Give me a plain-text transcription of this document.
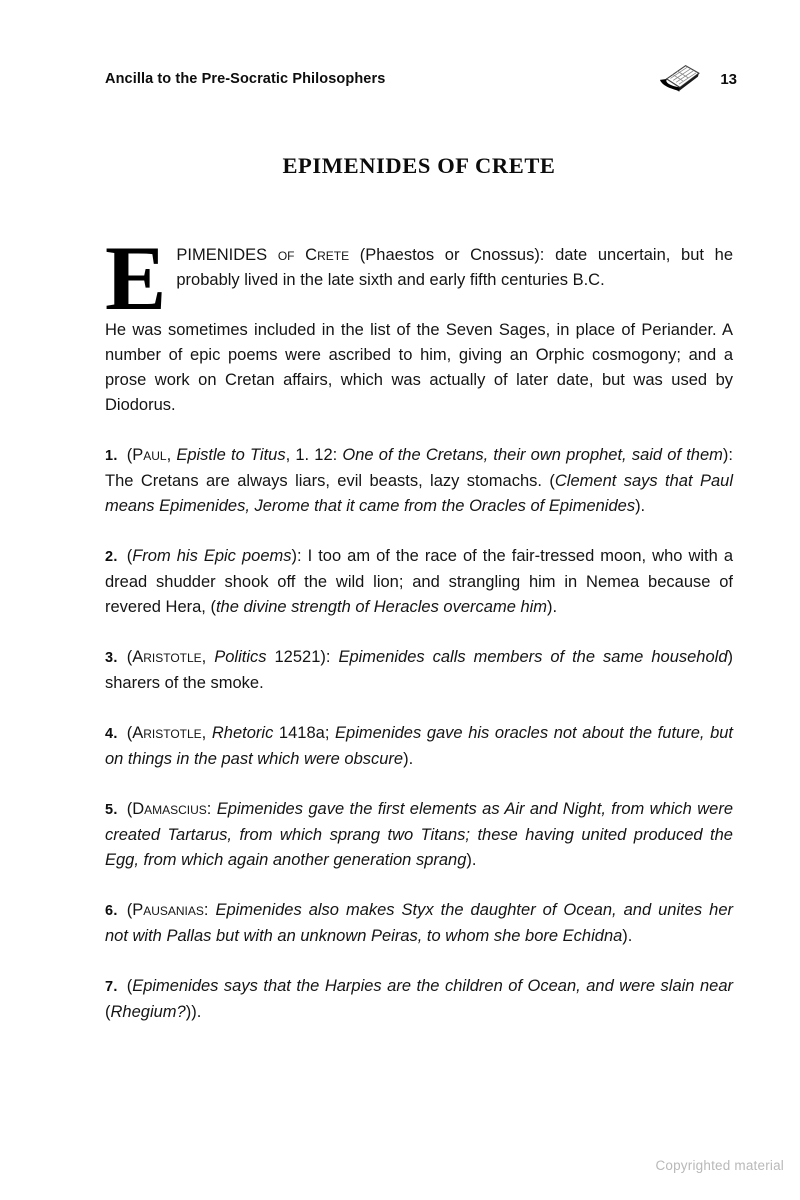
Ancilla to the Pre-Socratic Philosophers	13
EPIMENIDES OF CRETE

EPIMENIDES of Crete (Phaestos or Cnossus): date uncertain, but he probably lived in the late sixth and early fifth centuries B.C.

He was sometimes included in the list of the Seven Sages, in place of Periander. A number of epic poems were ascribed to him, giving an Orphic cosmogony; and a prose work on Cretan affairs, which was actually of later date, but was used by Diodorus.

1. (Paul, Epistle to Titus, 1. 12: One of the Cretans, their own prophet, said of them): The Cretans are always liars, evil beasts, lazy stomachs. (Clement says that Paul means Epimenides, Jerome that it came from the Oracles of Epimenides).

2. (From his Epic poems): I too am of the race of the fair-tressed moon, who with a dread shudder shook off the wild lion; and strangling him in Nemea because of revered Hera, (the divine strength of Heracles overcame him).

3. (Aristotle, Politics 12521): Epimenides calls members of the same household) sharers of the smoke.

4. (Aristotle, Rhetoric 1418a; Epimenides gave his oracles not about the future, but on things in the past which were obscure).

5. (Damascius: Epimenides gave the first elements as Air and Night, from which were created Tartarus, from which sprang two Titans; these having united produced the Egg, from which again another generation sprang).

6. (Pausanias: Epimenides also makes Styx the daughter of Ocean, and unites her not with Pallas but with an unknown Peiras, to whom she bore Echidna).

7. (Epimenides says that the Harpies are the children of Ocean, and were slain near (Rhegium?)).

Copyrighted material
